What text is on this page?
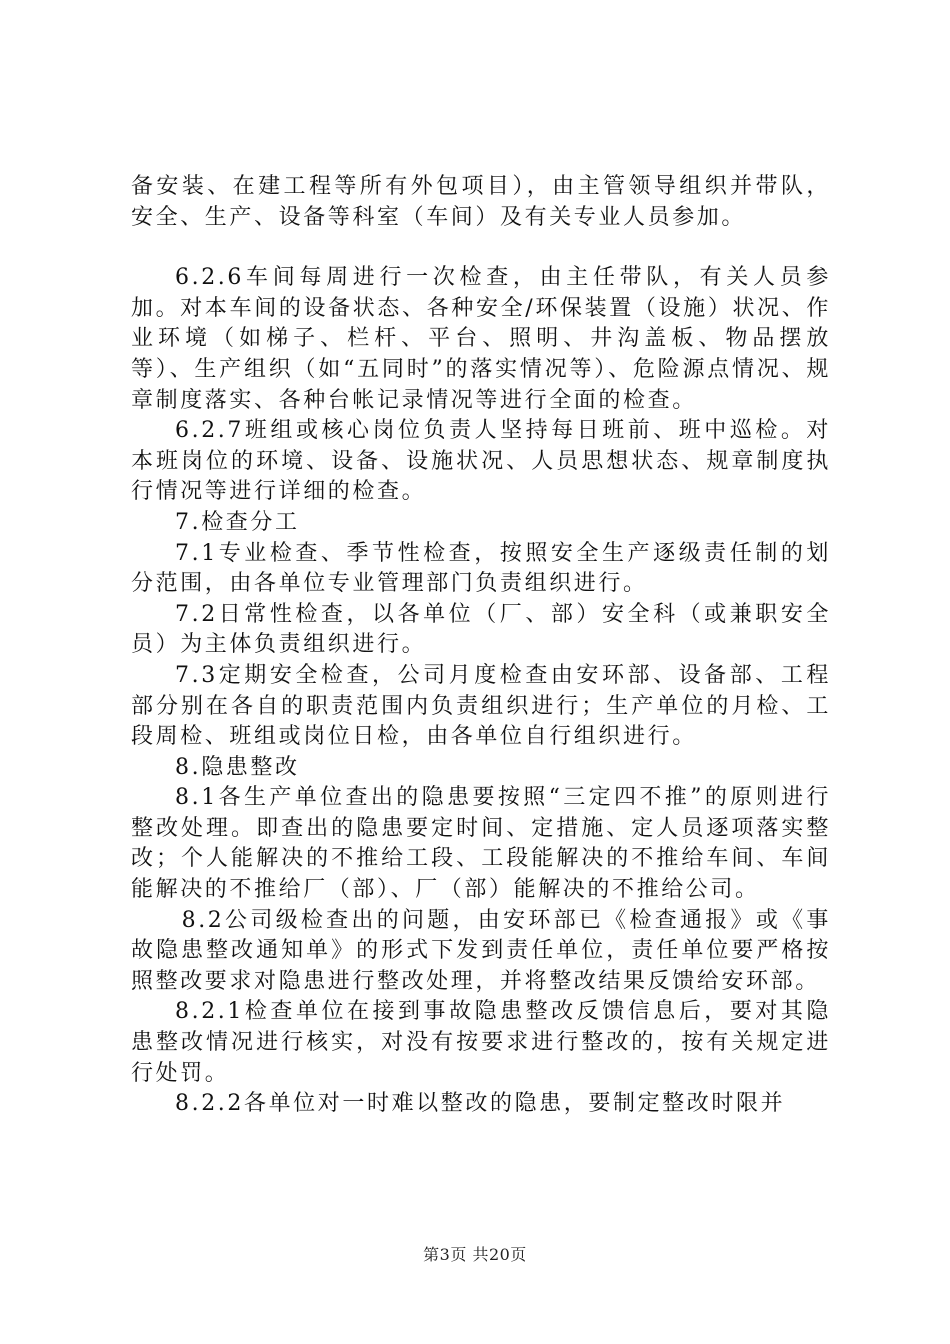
备安装、在建工程等所有外包项目），由主管领导组织并带队，安全、生产、设备等科室（车间）及有关专业人员参加。

6.2.6车间每周进行一次检查，由主任带队，有关人员参加。对本车间的设备状态、各种安全/环保装置（设施）状况、作业环境（如梯子、栏杆、平台、照明、井沟盖板、物品摆放等）、生产组织（如“五同时”的落实情况等）、危险源点情况、规章制度落实、各种台帐记录情况等进行全面的检查。

6.2.7班组或核心岗位负责人坚持每日班前、班中巡检。对本班岗位的环境、设备、设施状况、人员思想状态、规章制度执行情况等进行详细的检查。

7.检查分工

7.1专业检查、季节性检查，按照安全生产逐级责任制的划分范围，由各单位专业管理部门负责组织进行。

7.2日常性检查，以各单位（厂、部）安全科（或兼职安全员）为主体负责组织进行。

7.3定期安全检查，公司月度检查由安环部、设备部、工程部分别在各自的职责范围内负责组织进行；生产单位的月检、工段周检、班组或岗位日检，由各单位自行组织进行。

8.隐患整改

8.1各生产单位查出的隐患要按照“三定四不推”的原则进行整改处理。即查出的隐患要定时间、定措施、定人员逐项落实整改；个人能解决的不推给工段、工段能解决的不推给车间、车间能解决的不推给厂（部）、厂（部）能解决的不推给公司。

8.2公司级检查出的问题，由安环部已《检查通报》或《事故隐患整改通知单》的形式下发到责任单位，责任单位要严格按照整改要求对隐患进行整改处理，并将整改结果反馈给安环部。

8.2.1检查单位在接到事故隐患整改反馈信息后，要对其隐患整改情况进行核实，对没有按要求进行整改的，按有关规定进行处罚。

8.2.2各单位对一时难以整改的隐患，要制定整改时限并

第3页 共20页
